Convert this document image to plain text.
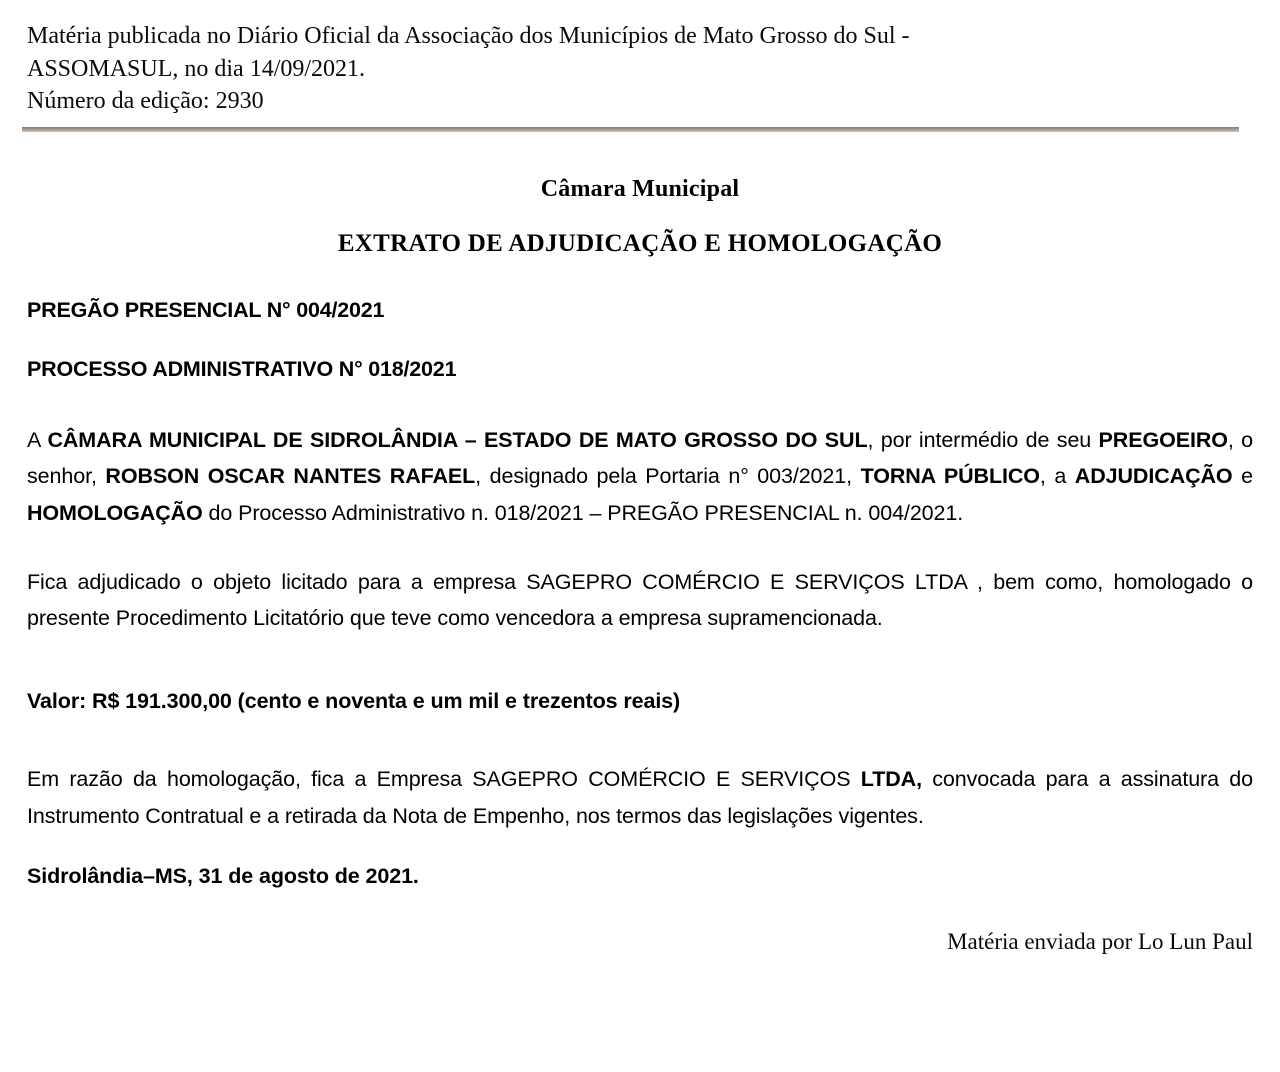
Matéria publicada no Diário Oficial da Associação dos Municípios de Mato Grosso do Sul -
ASSOMASUL, no dia 14/09/2021.
Número da edição: 2930
Câmara Municipal
EXTRATO DE ADJUDICAÇÃO E HOMOLOGAÇÃO
PREGÃO PRESENCIAL N° 004/2021
PROCESSO ADMINISTRATIVO N° 018/2021

A CÂMARA MUNICIPAL DE SIDROLÂNDIA – ESTADO DE MATO GROSSO DO SUL, por intermédio de seu PREGOEIRO, o senhor, ROBSON OSCAR NANTES RAFAEL, designado pela Portaria n° 003/2021, TORNA PÚBLICO, a ADJUDICAÇÃO e HOMOLOGAÇÃO do Processo Administrativo n. 018/2021 – PREGÃO PRESENCIAL n. 004/2021.

Fica adjudicado o objeto licitado para a empresa SAGEPRO COMÉRCIO E SERVIÇOS LTDA , bem como, homologado o presente Procedimento Licitatório que teve como vencedora a empresa supramencionada.

Valor: R$ 191.300,00 (cento e noventa e um mil e trezentos reais)

Em razão da homologação, fica a Empresa SAGEPRO COMÉRCIO E SERVIÇOS LTDA, convocada para a assinatura do Instrumento Contratual e a retirada da Nota de Empenho, nos termos das legislações vigentes.

Sidrolândia–MS, 31 de agosto de 2021.

Matéria enviada por Lo Lun Paul
